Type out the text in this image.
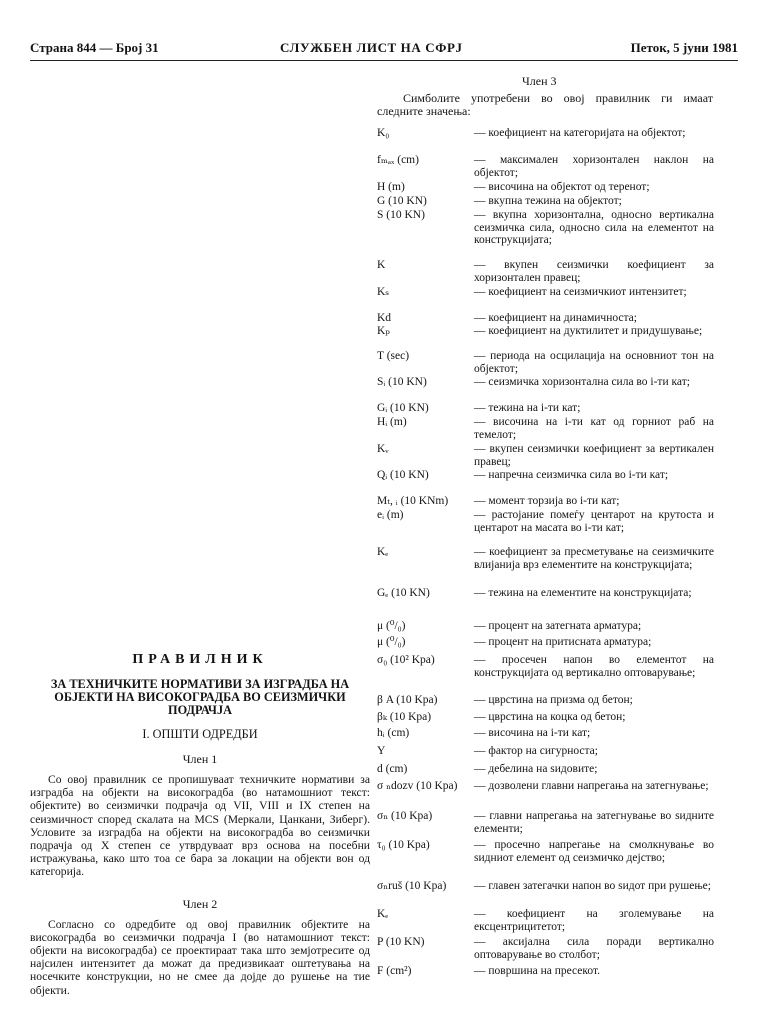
Страна 844 — Број 31	СЛУЖБЕН ЛИСТ НА СФРЈ	Петок, 5 јуни 1981
ПРАВИЛНИК
ЗА ТЕХНИЧКИТЕ НОРМАТИВИ ЗА ИЗГРАДБА НА ОБЈЕКТИ НА ВИСОКОГРАДБА ВО СЕИЗМИЧКИ ПОДРАЧЈА
I. ОПШТИ ОДРЕДБИ
Член 1

Со овој правилник се пропишуваат техничките нормативи за изградба на објекти на високоградба (во натамошниот текст: објектите) во сеизмички подрачја од VII, VIII и IX степен на сеизмичност според скалата на MCS (Меркали, Цанкани, Зиберг). Условите за изградба на објекти на високоградба во сеизмички подрачја од X степен се утврдуваат врз основа на посебни истражувања, како што тоа се бара за локации на објекти вон од категорија.

Член 2

Согласно со одредбите од овој правилник објектите на високоградба во сеизмички подрачја I (во натамошниот текст: објекти на високоградба) се проектираат така што земјотресите од најсилен интензитет да можат да предизвикаат оштетувања на носечките конструкции, но не смее да дојде до рушење на тие објекти.

Член 3
Симболите употребени во овој правилник ги имаат следните значења:
K₀	— коефициент на категоријата на објектот;
fₘₐₓ (cm)	— максимален хоризонтален наклон на објектот;
H (m)	— височина на објектот од теренот;
G (10 KN)	— вкупна тежина на објектот;
S (10 KN)	— вкупна хоризонтална, односно вертикална сеизмичка сила, односно сила на елементот на конструкцијата;
K	— вкупен сеизмички коефициент за хоризонтален правец;
Kₛ	— коефициент на сеизмичкиот интензитет;
Kd	— коефициент на динамичноста;
Kₚ	— коефициент на дуктилитет и придушување;
T (sec)	— периода на осцилација на основниот тон на објектот;
Sᵢ (10 KN)	— сеизмичка хоризонтална сила во i-ти кат;
Gᵢ (10 KN)	— тежина на i-ти кат;
Hᵢ (m)	— височина на i-ти кат од горниот раб на темелот;
Kᵥ	— вкупен сеизмички коефициент за вертикален правец;
Qᵢ (10 KN)	— напречна сеизмичка сила во i-ти кат;
Mₜ, ᵢ (10 KNm)	— момент торзија во i-ти кат;
eᵢ (m)	— растојание помеѓу центарот на крутоста и центарот на масата во i-ти кат;
Kₑ	— коефициент за пресметување на сеизмичките влијанија врз елементите на конструкцијата;
Gₑ (10 KN)	— тежина на елементите на конструкцијата;
μ (⁰/₀)	— процент на затегната арматура;
μ (⁰/₀)	— процент на притисната арматура;
σ₀ (10² Kpa)	— просечен напон во елементот на конструкцијата од вертикално оптоварување;
β A (10 Kpa)	— цврстина на призма од бетон;
βₖ (10 Kpa)	— цврстина на коцка од бетон;
hᵢ (cm)	— височина на i-ти кат;
Y	— фактор на сигурноста;
d (cm)	— дебелина на ѕидовите;
σ ₙdozv (10 Kpa)	— дозволени главни напрегања на затегнување;
σₙ (10 Kpa)	— главни напрегања на затегнување во ѕидните елементи;
τ₀ (10 Kpa)	— просечно напрегање на смолкнување во ѕидниот елемент од сеизмичко дејство;
σₙruš (10 Kpa)	— главен затегачки напон во ѕидот при рушење;
Kₑ	— коефициент на зголемување на ексцентрицитетот;
P (10 KN)	— аксијална сила поради вертикално оптоварување во столбот;
F (cm²)	— површина на пресекот.
